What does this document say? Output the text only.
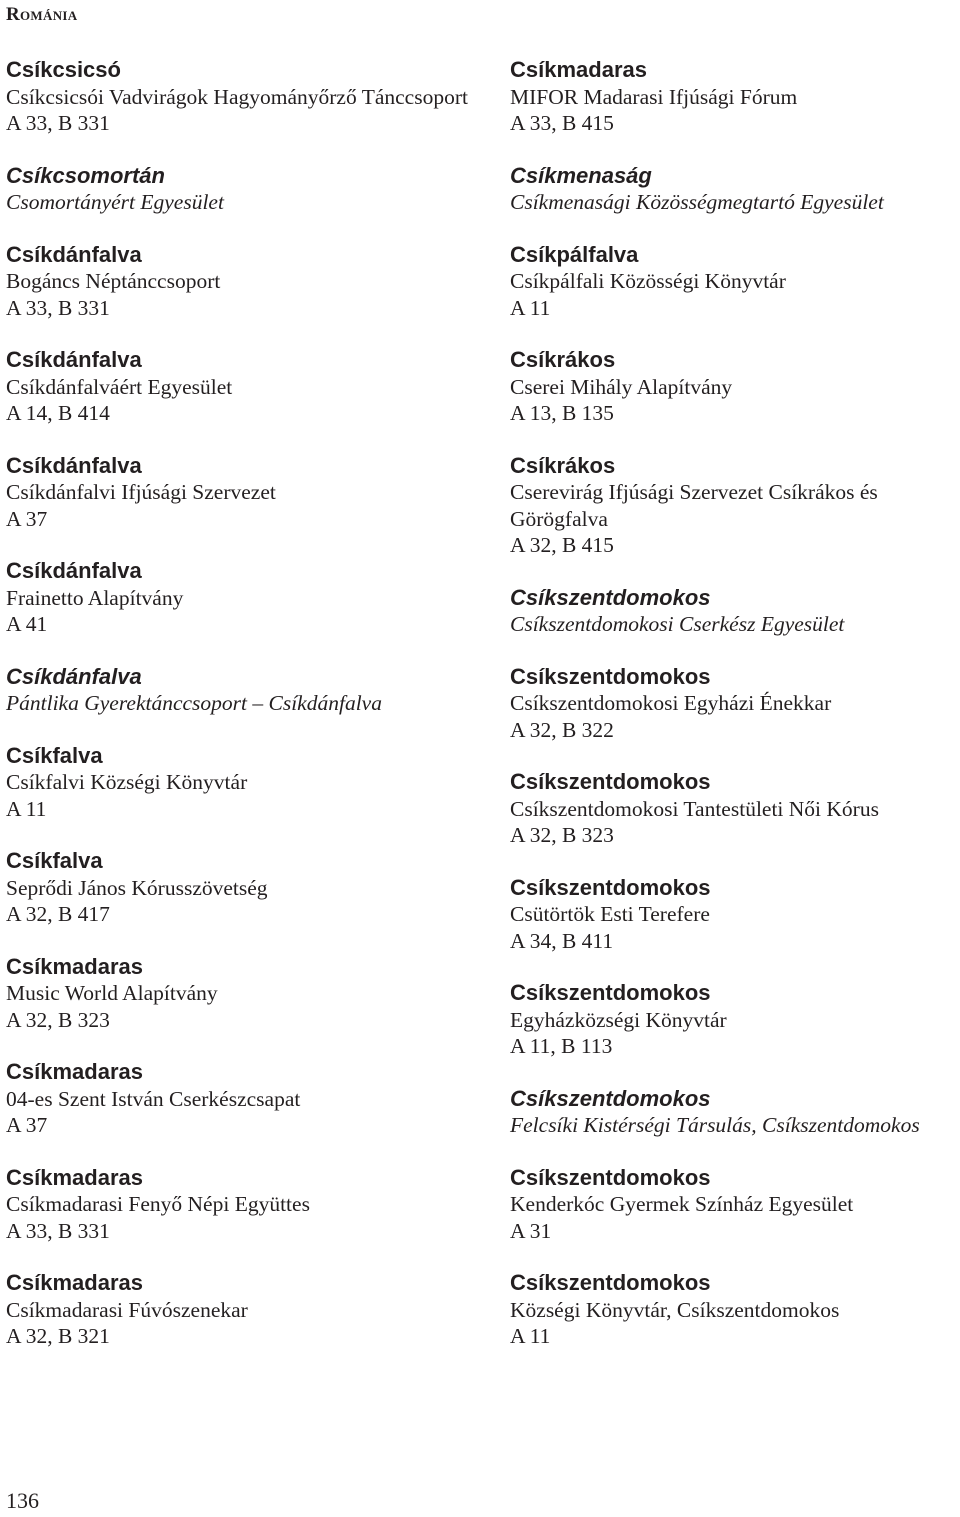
Románia
Csíkcsicsó
Csíkcsicsói Vadvirágok Hagyományőrző Tánccsoport
A 33, B 331
Csíkcsomortán
Csomortányért Egyesület
Csíkdánfalva
Bogáncs Néptánccsoport
A 33, B 331
Csíkdánfalva
Csíkdánfalváért Egyesület
A 14, B 414
Csíkdánfalva
Csíkdánfalvi Ifjúsági Szervezet
A 37
Csíkdánfalva
Frainetto Alapítvány
A 41
Csíkdánfalva
Pántlika Gyerektánccsoport – Csíkdánfalva
Csíkfalva
Csíkfalvi Községi Könyvtár
A 11
Csíkfalva
Seprődi János Kórusszövetség
A 32, B 417
Csíkmadaras
Music World Alapítvány
A 32, B 323
Csíkmadaras
04-es Szent István Cserkészcsapat
A 37
Csíkmadaras
Csíkmadarasi Fenyő Népi Együttes
A 33, B 331
Csíkmadaras
Csíkmadarasi Fúvószenekar
A 32, B 321
Csíkmadaras
MIFOR Madarasi Ifjúsági Fórum
A 33, B 415
Csíkmenaság
Csíkmenasági Közösségmegtartó Egyesület
Csíkpálfalva
Csíkpálfali Közösségi Könyvtár
A 11
Csíkrákos
Cserei Mihály Alapítvány
A 13, B 135
Csíkrákos
Cserevirág Ifjúsági Szervezet Csíkrákos és Görögfalva
A 32, B 415
Csíkszentdomokos
Csíkszentdomokosi Cserkész Egyesület
Csíkszentdomokos
Csíkszentdomokosi Egyházi Énekkar
A 32, B 322
Csíkszentdomokos
Csíkszentdomokosi Tantestületi Női Kórus
A 32, B 323
Csíkszentdomokos
Csütörtök Esti Terefere
A 34, B 411
Csíkszentdomokos
Egyházközségi Könyvtár
A 11, B 113
Csíkszentdomokos
Felcsíki Kistérségi Társulás, Csíkszentdomokos
Csíkszentdomokos
Kenderkóc Gyermek Színház Egyesület
A 31
Csíkszentdomokos
Községi Könyvtár, Csíkszentdomokos
A 11
136
